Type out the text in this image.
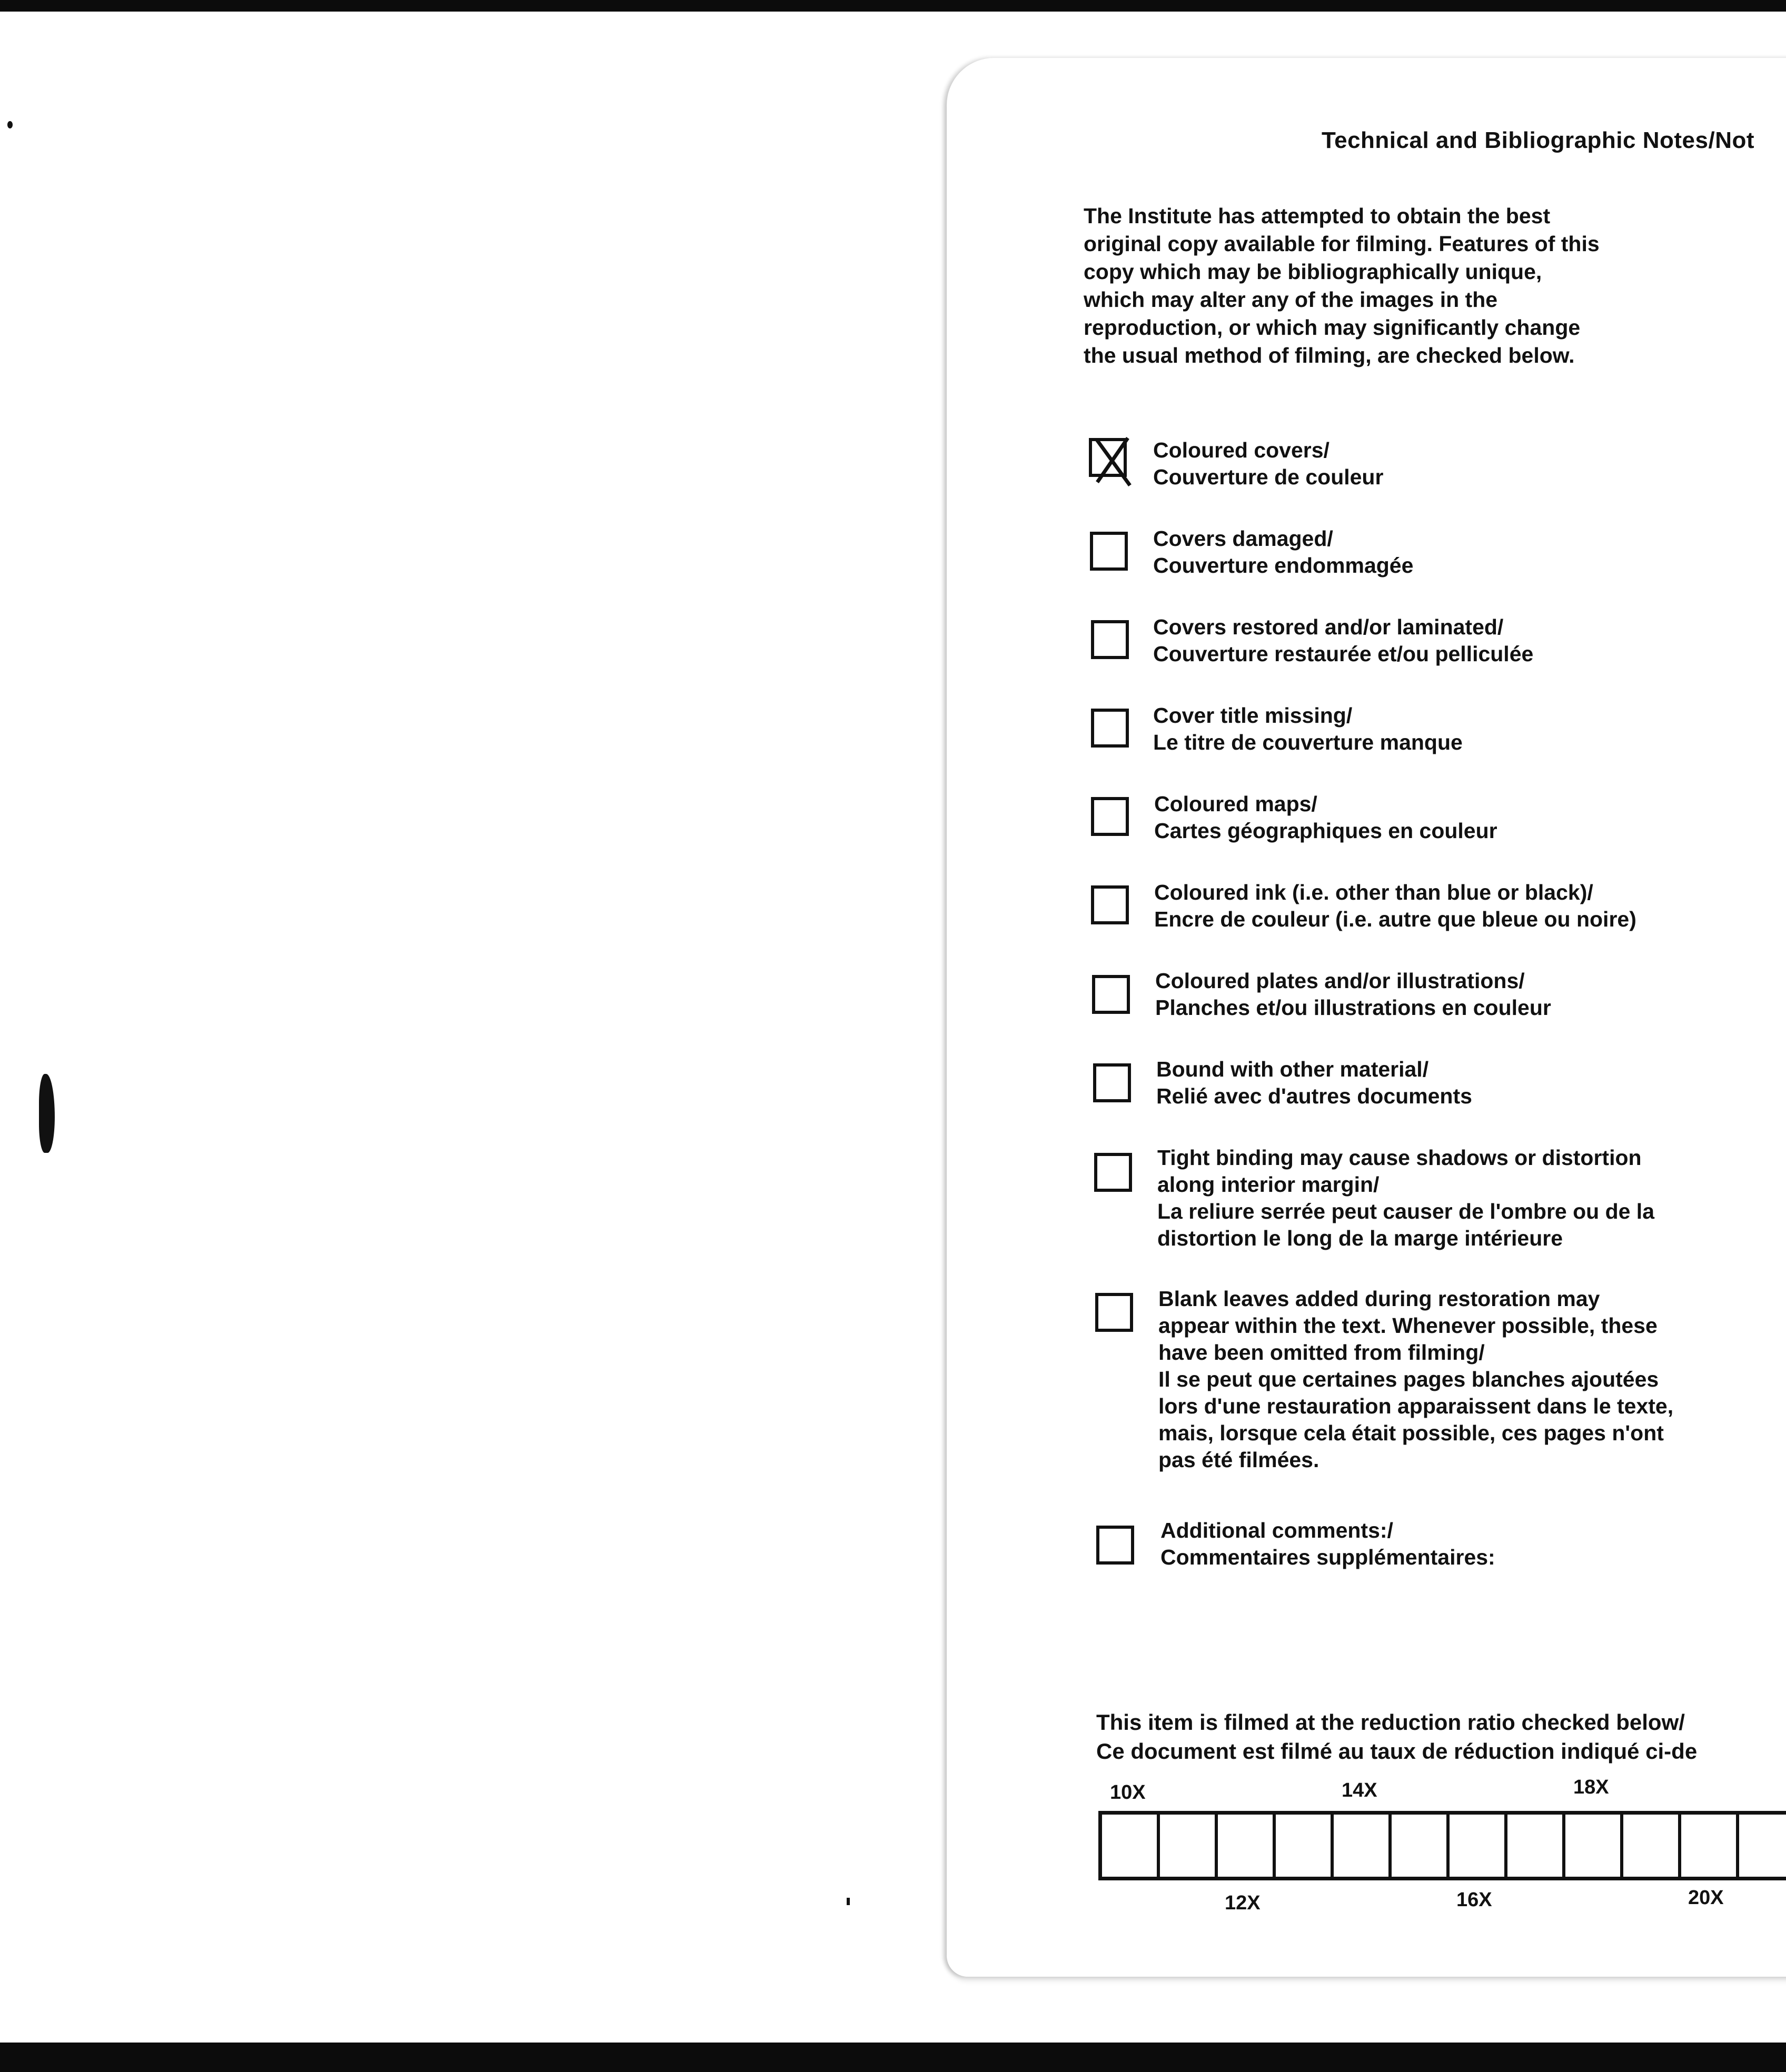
Technical and Bibliographic Notes/Not
The Institute has attempted to obtain the best
original copy available for filming. Features of this
copy which may be bibliographically unique,
which may alter any of the images in the
reproduction, or which may significantly change
the usual method of filming, are checked below.
Coloured covers/
Couverture de couleur
Covers damaged/
Couverture endommagée
Covers restored and/or laminated/
Couverture restaurée et/ou pelliculée
Cover title missing/
Le titre de couverture manque
Coloured maps/
Cartes géographiques en couleur
Coloured ink (i.e. other than blue or black)/
Encre de couleur (i.e. autre que bleue ou noire)
Coloured plates and/or illustrations/
Planches et/ou illustrations en couleur
Bound with other material/
Relié avec d'autres documents
Tight binding may cause shadows or distortion
along interior margin/
La reliure serrée peut causer de l'ombre ou de la
distortion le long de la marge intérieure
Blank leaves added during restoration may
appear within the text. Whenever possible, these
have been omitted from filming/
Il se peut que certaines pages blanches ajoutées
lors d'une restauration apparaissent dans le texte,
mais, lorsque cela était possible, ces pages n'ont
pas été filmées.
Additional comments:/
Commentaires supplémentaires:
This item is filmed at the reduction ratio checked below/
Ce document est filmé au taux de réduction indiqué ci-de
10X	14X	18X
12X	16X	20X
